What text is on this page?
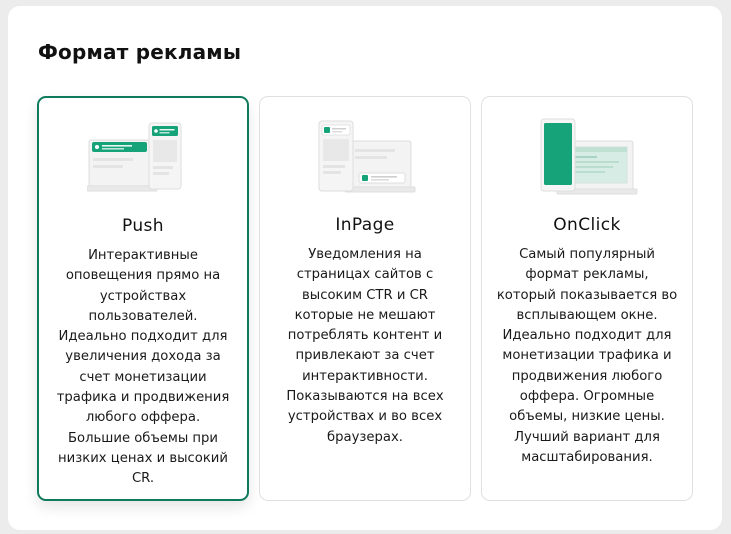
Формат рекламы
Push
Интерактивные оповещения прямо на устройствах пользователей. Идеально подходит для увеличения дохода за счет монетизации трафика и продвижения любого оффера. Большие объемы при низких ценах и высокий CR.
InPage
Уведомления на страницах сайтов с высоким CTR и CR которые не мешают потреблять контент и привлекают за счет интерактивности. Показываются на всех устройствах и во всех браузерах.
OnClick
Самый популярный формат рекламы, который показывается во всплывающем окне. Идеально подходит для монетизации трафика и продвижения любого оффера. Огромные объемы, низкие цены. Лучший вариант для масштабирования.
